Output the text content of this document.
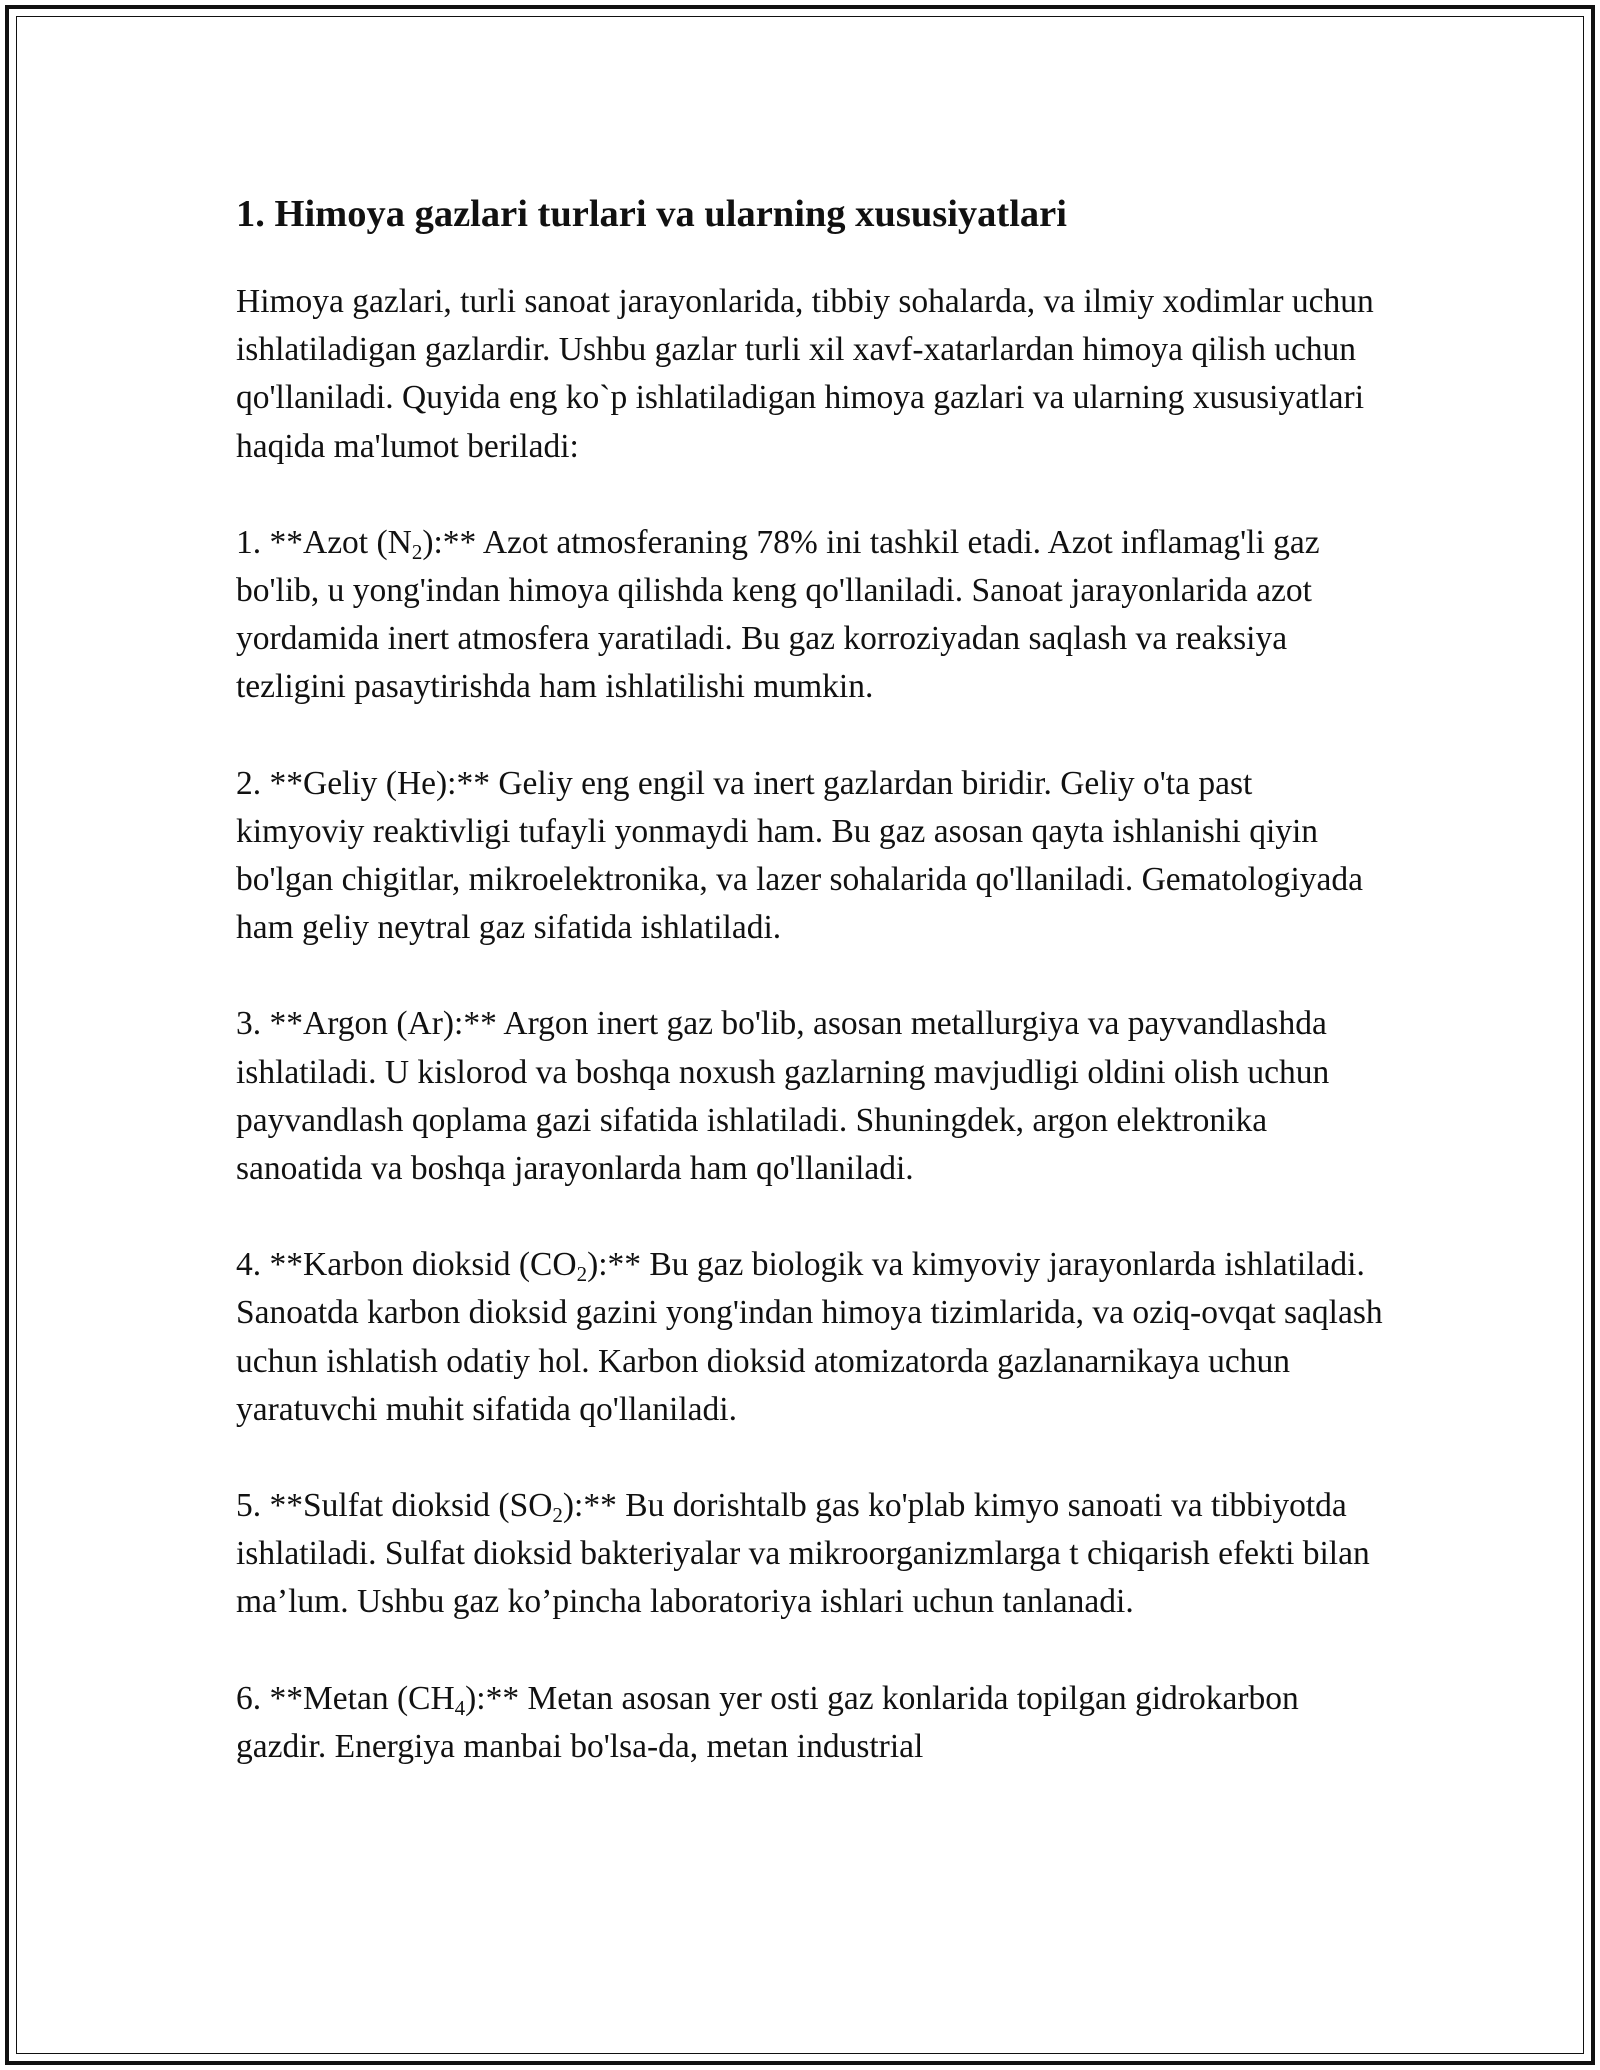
1. Himoya gazlari turlari va ularning xususiyatlari

Himoya gazlari, turli sanoat jarayonlarida, tibbiy sohalarda, va ilmiy xodimlar uchun ishlatiladigan gazlardir. Ushbu gazlar turli xil xavf-xatarlardan himoya qilish uchun qo'llaniladi. Quyida eng ko`p ishlatiladigan himoya gazlari va ularning xususiyatlari haqida ma'lumot beriladi:

1. **Azot $(N_2):**$ Azot atmosferaning 78% ini tashkil etadi. Azot inflamag'li gaz bo'lib, u yong'indan himoya qilishda keng qo'llaniladi. Sanoat jarayonlarida azot yordamida inert atmosfera yaratiladi. Bu gaz korroziyadan saqlash va reaksiya tezligini pasaytirishda ham ishlatilishi mumkin.

2. **Geliy (He):** Geliy eng engil va inert gazlardan biridir. Geliy o'ta past kimyoviy reaktivligi tufayli yonmaydi ham. Bu gaz asosan qayta ishlanishi qiyin bo'lgan chigitlar, mikroelektronika, va lazer sohalarida qo'llaniladi. Gematologiyada ham geliy neytral gaz sifatida ishlatiladi.

3. **Argon (Ar):** Argon inert gaz bo'lib, asosan metallurgiya va payvandlashda ishlatiladi. U kislorod va boshqa noxush gazlarning mavjudligi oldini olish uchun payvandlash qoplama gazi sifatida ishlatiladi. Shuningdek, argon elektronika sanoatida va boshqa jarayonlarda ham qo'llaniladi.

4. **Karbon dioksid $(CO_2):**$ Bu gaz biologik va kimyoviy jarayonlarda ishlatiladi. Sanoatda karbon dioksid gazini yong'indan himoya tizimlarida, va oziq-ovqat saqlash uchun ishlatish odatiy hol. Karbon dioksid atomizatorda gazlanarnikaya uchun yaratuvchi muhit sifatida qo'llaniladi.

5. **Sulfat dioksid $(SO_2):**$ Bu dorishtalb gas ko'plab kimyo sanoati va tibbiyotda ishlatiladi. Sulfat dioksid bakteriyalar va mikroorganizmlarga t chiqarish efekti bilan ma’lum. Ushbu gaz ko’pincha laboratoriya ishlari uchun tanlanadi.

6. **Metan $(CH_4):**$ Metan asosan yer osti gaz konlarida topilgan gidrokarbon gazdir. Energiya manbai bo'lsa-da, metan industrial
